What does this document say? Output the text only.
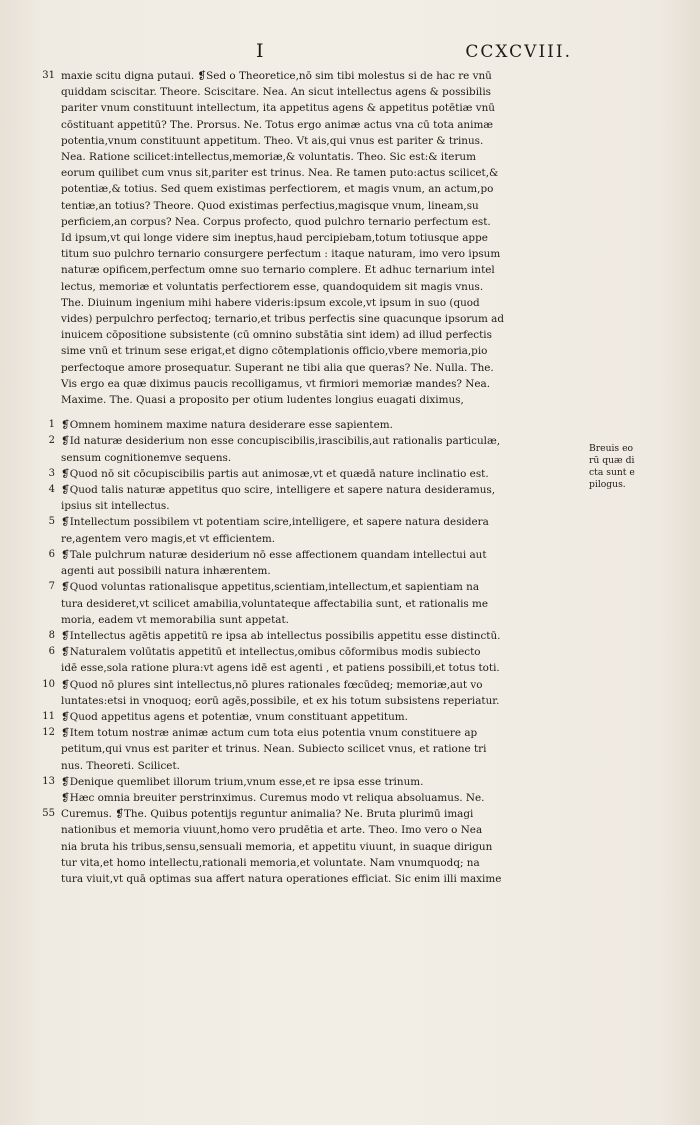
I	CCXCVIII.
31 maxie scitu digna putaui. ❡Sed o Theoretice,nō sim tibi molestus si de hac re vnū
quiddam sciscitar. Theore. Sciscitare. Nea. An sicut intellectus agens & possibilis
pariter vnum constituunt intellectum, ita appetitus agens & appetitus potētiæ vnū
cōstituant appetitū? The. Prorsus. Ne. Totus ergo animæ actus vna cū tota animæ
potentia,vnum constituunt appetitum. Theo. Vt ais,qui vnus est pariter & trinus.
Nea. Ratione scilicet:intellectus,memoriæ,& voluntatis. Theo. Sic est:& iterum
eorum quilibet cum vnus sit,pariter est trinus. Nea. Re tamen puto:actus scilicet,&
potentiæ,& totius. Sed quem existimas perfectiorem, et magis vnum, an actum,po
tentiæ,an totius? Theore. Quod existimas perfectius,magisque vnum, lineam,su
perficiem,an corpus? Nea. Corpus profecto, quod pulchro ternario perfectum est.
Id ipsum,vt qui longe videre sim ineptus,haud percipiebam,totum totiusque appe
titum suo pulchro ternario consurgere perfectum : itaque naturam, imo vero ipsum
naturæ opificem,perfectum omne suo ternario complere. Et adhuc ternarium intel
lectus, memoriæ et voluntatis perfectiorem esse, quandoquidem sit magis vnus.
The. Diuinum ingenium mihi habere videris:ipsum excole,vt ipsum in suo (quod
vides) perpulchro perfectoq; ternario,et tribus perfectis sine quacunque ipsorum ad
inuicem cōpositione subsistente (cū omnino substātia sint idem) ad illud perfectis
sime vnū et trinum sese erigat,et digno cōtemplationis officio,vbere memoria,pio
perfectoque amore prosequatur. Superant ne tibi alia que queras? Ne. Nulla. The.
Vis ergo ea quæ diximus paucis recolligamus, vt firmiori memoriæ mandes? Nea.
Maxime. The. Quasi a proposito per otium ludentes longius euagati diximus,
1 ❡Omnem hominem maxime natura desiderare esse sapientem.
2 ❡Id naturæ desiderium non esse concupiscibilis,irascibilis,aut rationalis particulæ,
sensum cognitionemve sequens.
3 ❡Quod nō sit cōcupiscibilis partis aut animosæ,vt et quædā nature inclinatio est.
4 ❡Quod talis naturæ appetitus quo scire, intelligere et sapere natura desideramus,
ipsius sit intellectus.
5 ❡Intellectum possibilem vt potentiam scire,intelligere, et sapere natura desidera
re,agentem vero magis,et vt efficientem.
6 ❡Tale pulchrum naturæ desiderium nō esse affectionem quandam intellectui aut
agenti aut possibili natura inhærentem.
7 ❡Quod voluntas rationalisque appetitus,scientiam,intellectum,et sapientiam na
tura desideret,vt scilicet amabilia,voluntateque affectabilia sunt, et rationalis me
moria, eadem vt memorabilia sunt appetat.
8 ❡Intellectus agētis appetitū re ipsa ab intellectus possibilis appetitu esse distinctū.
6 ❡Naturalem volūtatis appetitū et intellectus,omibus cōformibus modis subiecto
idē esse,sola ratione plura:vt agens idē est agenti , et patiens possibili,et totus toti.
10 ❡Quod nō plures sint intellectus,nō plures rationales fœcūdeq; memoriæ,aut vo
luntates:etsi in vnoquoq; eorū agēs,possibile, et ex his totum subsistens reperiatur.
11 ❡Quod appetitus agens et potentiæ, vnum constituant appetitum.
12 ❡Item totum nostræ animæ actum cum tota eius potentia vnum constituere ap
petitum,qui vnus est pariter et trinus. Nean. Subiecto scilicet vnus, et ratione tri
nus. Theoreti. Scilicet.
13 ❡Denique quemlibet illorum trium,vnum esse,et re ipsa esse trinum.
❡Hæc omnia breuiter perstrinximus. Curemus modo vt reliqua absoluamus. Ne.
55 Curemus. ❡The. Quibus potentijs reguntur animalia? Ne. Bruta plurimū imagi
nationibus et memoria viuunt,homo vero prudētia et arte. Theo. Imo vero o Nea
nia bruta his tribus,sensu,sensuali memoria, et appetitu viuunt, in suaque dirigun
tur vita,et homo intellectu,rationali memoria,et voluntate. Nam vnumquodq; na
tura viuit,vt quā optimas sua affert natura operationes efficiat. Sic enim illi maxime
Breuis eo
rū quæ di
cta sunt e
pilogus.
